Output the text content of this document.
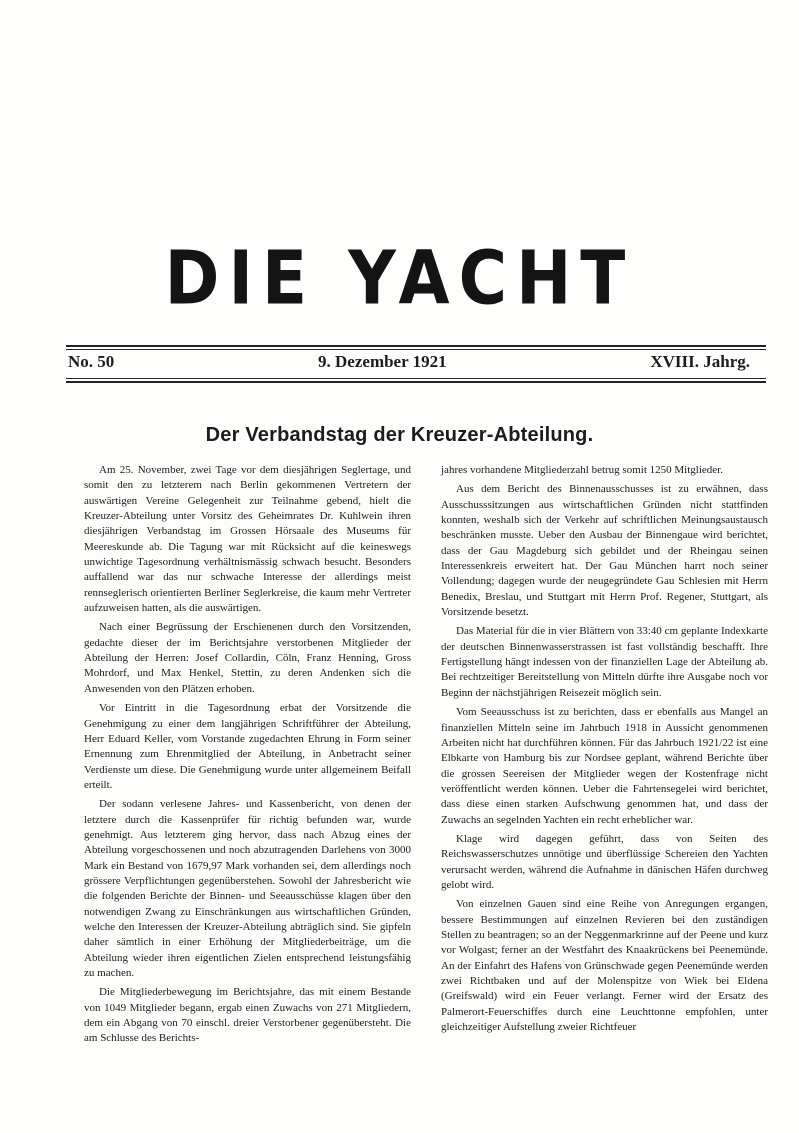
DIE YACHT
No. 50	9. Dezember 1921	XVIII. Jahrg.
Der Verbandstag der Kreuzer-Abteilung.

Am 25. November, zwei Tage vor dem diesjährigen Seglertage, und somit den zu letzterem nach Berlin gekommenen Vertretern der auswärtigen Vereine Gelegenheit zur Teilnahme gebend, hielt die Kreuzer-Abteilung unter Vorsitz des Geheimrates Dr. Kuhlwein ihren diesjährigen Verbandstag im Grossen Hörsaale des Museums für Meereskunde ab. Die Tagung war mit Rücksicht auf die keineswegs unwichtige Tagesordnung verhältnismässig schwach besucht. Besonders auffallend war das nur schwache Interesse der allerdings meist rennseglerisch orientierten Berliner Seglerkreise, die kaum mehr Vertreter aufzuweisen hatten, als die auswärtigen.

Nach einer Begrüssung der Erschienenen durch den Vorsitzenden, gedachte dieser der im Berichtsjahre verstorbenen Mitglieder der Abteilung der Herren: Josef Collardin, Cöln, Franz Henning, Gross Mohrdorf, und Max Henkel, Stettin, zu deren Andenken sich die Anwesenden von den Plätzen erhoben.

Vor Eintritt in die Tagesordnung erbat der Vorsitzende die Genehmigung zu einer dem langjährigen Schriftführer der Abteilung, Herr Eduard Keller, vom Vorstande zugedachten Ehrung in Form seiner Ernennung zum Ehrenmitglied der Abteilung, in Anbetracht seiner Verdienste um diese. Die Genehmigung wurde unter allgemeinem Beifall erteilt.

Der sodann verlesene Jahres- und Kassenbericht, von denen der letztere durch die Kassenprüfer für richtig befunden war, wurde genehmigt. Aus letzterem ging hervor, dass nach Abzug eines der Abteilung vorgeschossenen und noch abzutragenden Darlehens von 3000 Mark ein Bestand von 1679,97 Mark vorhanden sei, dem allerdings noch grössere Verpflichtungen gegenüberstehen. Sowohl der Jahresbericht wie die folgenden Berichte der Binnen- und Seeausschüsse klagen über den notwendigen Zwang zu Einschränkungen aus wirtschaftlichen Gründen, welche den Interessen der Kreuzer-Abteilung abträglich sind. Sie gipfeln daher sämtlich in einer Erhöhung der Mitgliederbeiträge, um die Abteilung wieder ihren eigentlichen Zielen entsprechend leistungsfähig zu machen.

Die Mitgliederbewegung im Berichtsjahre, das mit einem Bestande von 1049 Mitglieder begann, ergab einen Zuwachs von 271 Mitgliedern, dem ein Abgang von 70 einschl. dreier Verstorbener gegenübersteht. Die am Schlusse des Berichts-

jahres vorhandene Mitgliederzahl betrug somit 1250 Mitglieder.

Aus dem Bericht des Binnenausschusses ist zu erwähnen, dass Ausschusssitzungen aus wirtschaftlichen Gründen nicht stattfinden konnten, weshalb sich der Verkehr auf schriftlichen Meinungsaustausch beschränken musste. Ueber den Ausbau der Binnengaue wird berichtet, dass der Gau Magdeburg sich gebildet und der Rheingau seinen Interessenkreis erweitert hat. Der Gau München harrt noch seiner Vollendung; dagegen wurde der neugegründete Gau Schlesien mit Herrn Benedix, Breslau, und Stuttgart mit Herrn Prof. Regener, Stuttgart, als Vorsitzende besetzt.

Das Material für die in vier Blättern von 33:40 cm geplante Indexkarte der deutschen Binnenwasserstrassen ist fast vollständig beschafft. Ihre Fertigstellung hängt indessen von der finanziellen Lage der Abteilung ab. Bei rechtzeitiger Bereitstellung von Mitteln dürfte ihre Ausgabe noch vor Beginn der nächstjährigen Reisezeit möglich sein.

Vom Seeausschuss ist zu berichten, dass er ebenfalls aus Mangel an finanziellen Mitteln seine im Jahrbuch 1918 in Aussicht genommenen Arbeiten nicht hat durchführen können. Für das Jahrbuch 1921/22 ist eine Elbkarte von Hamburg bis zur Nordsee geplant, während Berichte über die grossen Seereisen der Mitglieder wegen der Kostenfrage nicht veröffentlicht werden können. Ueber die Fahrtensegelei wird berichtet, dass diese einen starken Aufschwung genommen hat, und dass der Zuwachs an segelnden Yachten ein recht erheblicher war.

Klage wird dagegen geführt, dass von Seiten des Reichswasserschutzes unnötige und überflüssige Schereien den Yachten verursacht werden, während die Aufnahme in dänischen Häfen durchweg gelobt wird.

Von einzelnen Gauen sind eine Reihe von Anregungen ergangen, bessere Bestimmungen auf einzelnen Revieren bei den zuständigen Stellen zu beantragen; so an der Neggenmarkrinne auf der Peene und kurz vor Wolgast; ferner an der Westfahrt des Knaakrückens bei Peenemünde. An der Einfahrt des Hafens von Grünschwade gegen Peenemünde werden zwei Richtbaken und auf der Molenspitze von Wiek bei Eldena (Greifswald) wird ein Feuer verlangt. Ferner wird der Ersatz des Palmerort-Feuerschiffes durch eine Leuchttonne empfohlen, unter gleichzeitiger Aufstellung zweier Richtfeuer
